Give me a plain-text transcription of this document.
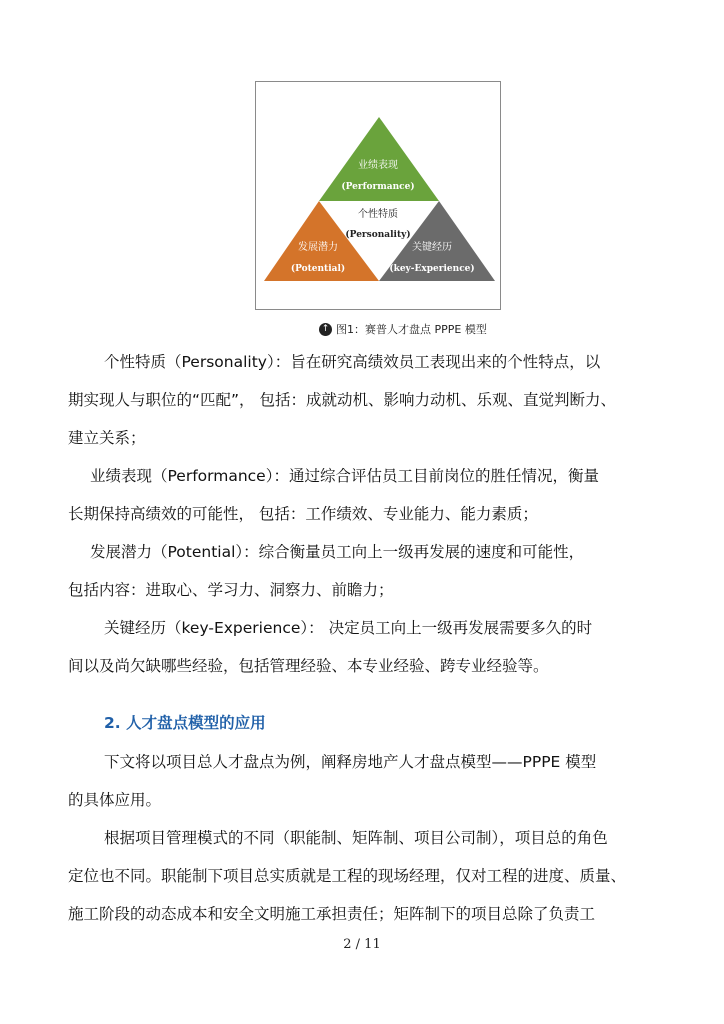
业绩表现
(Performance)
个性特质
(Personality)
发展潜力
(Potential)
关键经历
(key-Experience)
↑ 图1：赛普人才盘点 PPPE 模型
个性特质（Personality）：旨在研究高绩效员工表现出来的个性特点，以
期实现人与职位的“匹配”， 包括：成就动机、影响力动机、乐观、直觉判断力、
建立关系；
业绩表现（Performance）：通过综合评估员工目前岗位的胜任情况，衡量
长期保持高绩效的可能性， 包括：工作绩效、专业能力、能力素质；
发展潜力（Potential）：综合衡量员工向上一级再发展的速度和可能性，
包括内容：进取心、学习力、洞察力、前瞻力；
关键经历（key-Experience）： 决定员工向上一级再发展需要多久的时
间以及尚欠缺哪些经验，包括管理经验、本专业经验、跨专业经验等。
2. 人才盘点模型的应用
下文将以项目总人才盘点为例，阐释房地产人才盘点模型——PPPE 模型
的具体应用。
根据项目管理模式的不同（职能制、矩阵制、项目公司制），项目总的角色
定位也不同。职能制下项目总实质就是工程的现场经理，仅对工程的进度、质量、
施工阶段的动态成本和安全文明施工承担责任；矩阵制下的项目总除了负责工
2 / 11
